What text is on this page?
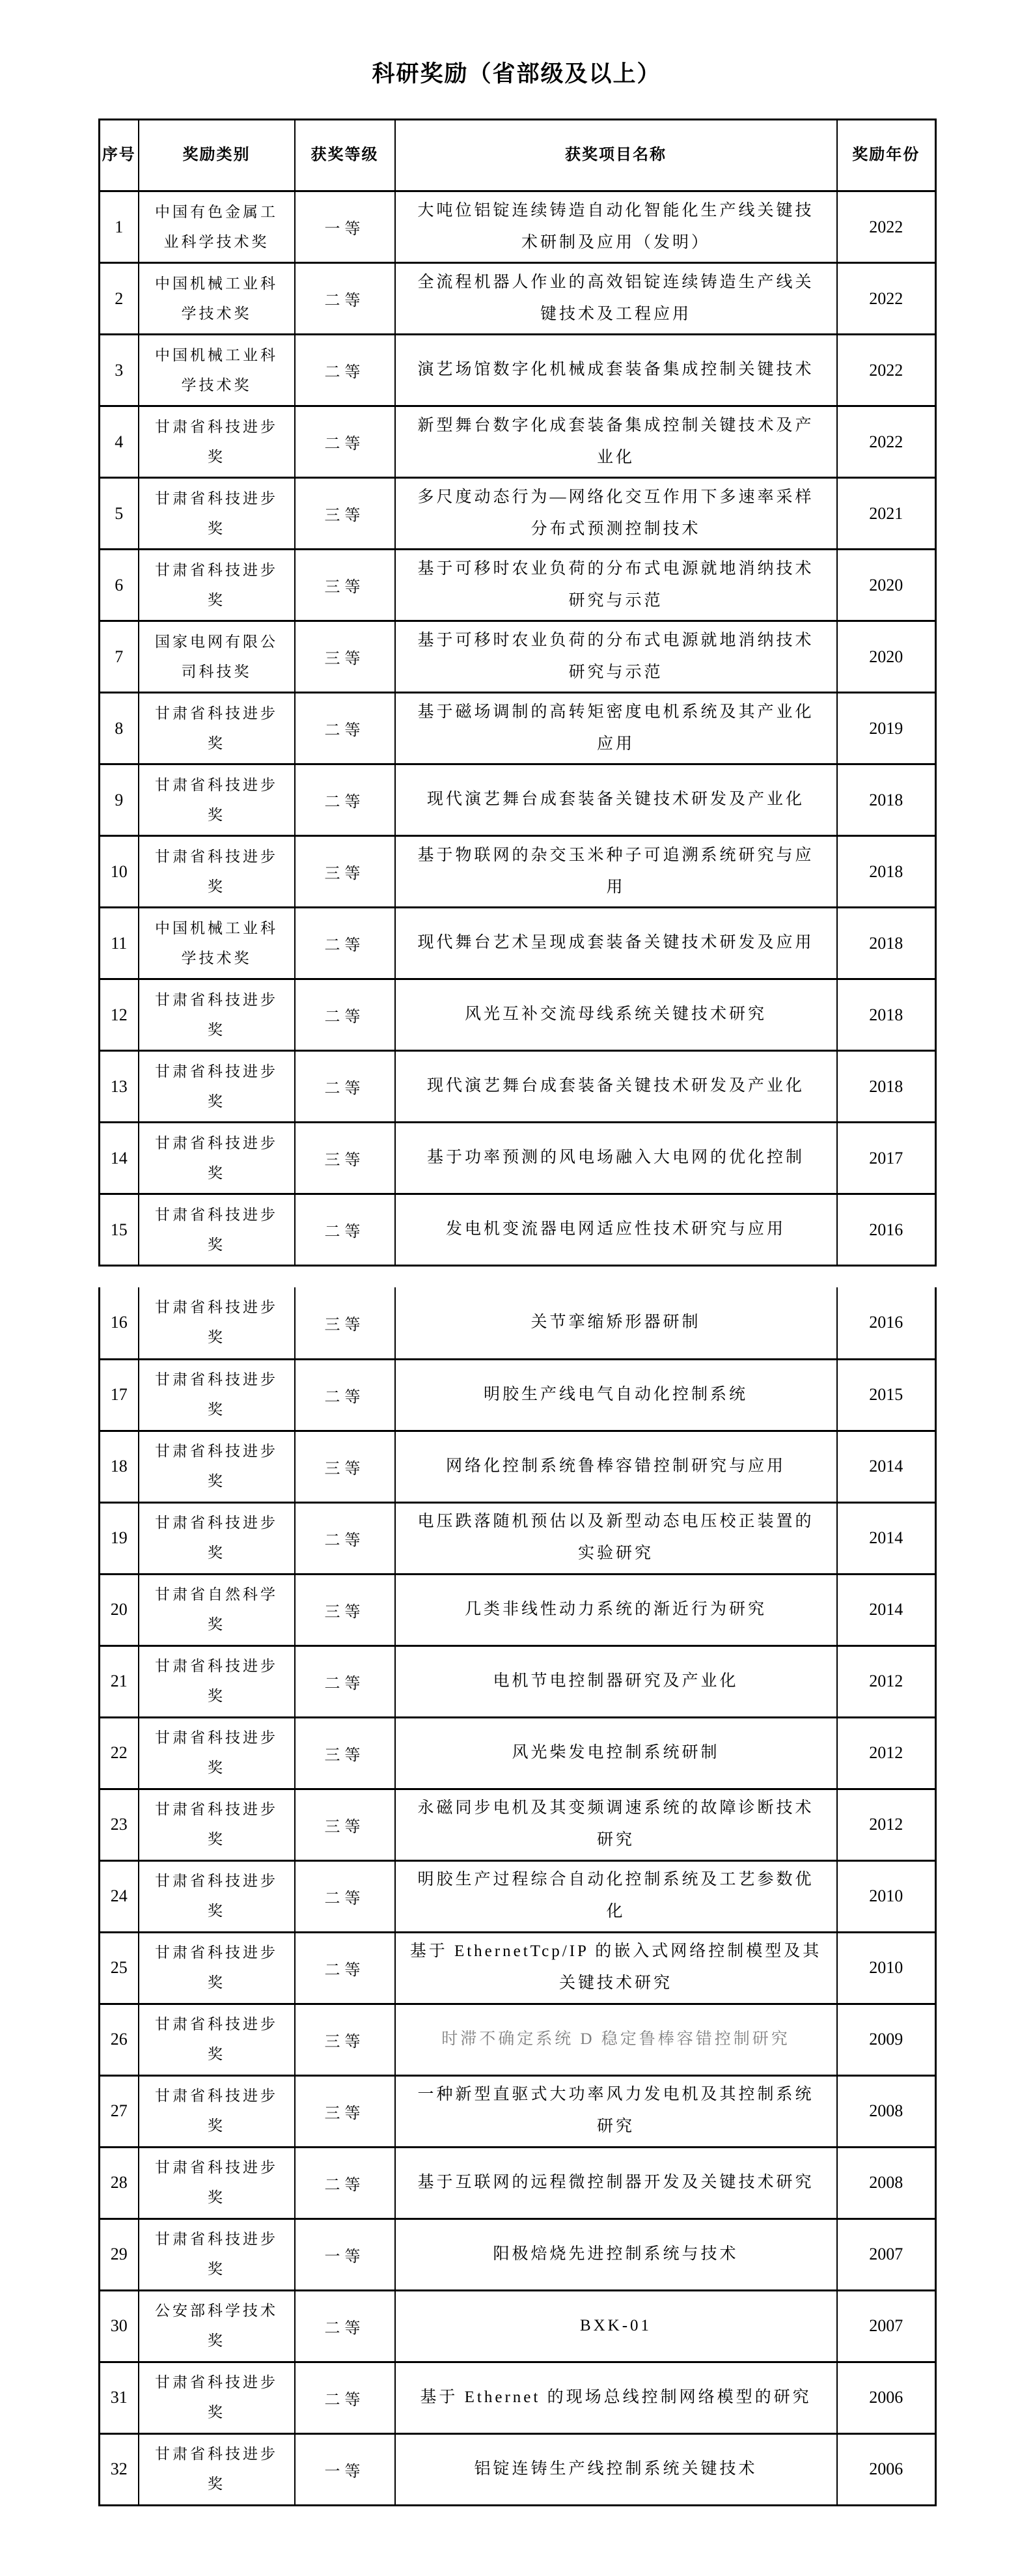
科研奖励（省部级及以上）
序号	奖励类别	获奖等级	获奖项目名称	奖励年份
1	中国有色金属工业科学技术奖	一等	大吨位铝锭连续铸造自动化智能化生产线关键技术研制及应用（发明）	2022
2	中国机械工业科学技术奖	二等	全流程机器人作业的高效铝锭连续铸造生产线关键技术及工程应用	2022
3	中国机械工业科学技术奖	二等	演艺场馆数字化机械成套装备集成控制关键技术	2022
4	甘肃省科技进步奖	二等	新型舞台数字化成套装备集成控制关键技术及产业化	2022
5	甘肃省科技进步奖	三等	多尺度动态行为—网络化交互作用下多速率采样分布式预测控制技术	2021
6	甘肃省科技进步奖	三等	基于可移时农业负荷的分布式电源就地消纳技术研究与示范	2020
7	国家电网有限公司科技奖	三等	基于可移时农业负荷的分布式电源就地消纳技术研究与示范	2020
8	甘肃省科技进步奖	二等	基于磁场调制的高转矩密度电机系统及其产业化应用	2019
9	甘肃省科技进步奖	二等	现代演艺舞台成套装备关键技术研发及产业化	2018
10	甘肃省科技进步奖	三等	基于物联网的杂交玉米种子可追溯系统研究与应用	2018
11	中国机械工业科学技术奖	二等	现代舞台艺术呈现成套装备关键技术研发及应用	2018
12	甘肃省科技进步奖	二等	风光互补交流母线系统关键技术研究	2018
13	甘肃省科技进步奖	二等	现代演艺舞台成套装备关键技术研发及产业化	2018
14	甘肃省科技进步奖	三等	基于功率预测的风电场融入大电网的优化控制	2017
15	甘肃省科技进步奖	二等	发电机变流器电网适应性技术研究与应用	2016
16	甘肃省科技进步奖	三等	关节挛缩矫形器研制	2016
17	甘肃省科技进步奖	二等	明胶生产线电气自动化控制系统	2015
18	甘肃省科技进步奖	三等	网络化控制系统鲁棒容错控制研究与应用	2014
19	甘肃省科技进步奖	二等	电压跌落随机预估以及新型动态电压校正装置的实验研究	2014
20	甘肃省自然科学奖	三等	几类非线性动力系统的渐近行为研究	2014
21	甘肃省科技进步奖	二等	电机节电控制器研究及产业化	2012
22	甘肃省科技进步奖	三等	风光柴发电控制系统研制	2012
23	甘肃省科技进步奖	三等	永磁同步电机及其变频调速系统的故障诊断技术研究	2012
24	甘肃省科技进步奖	二等	明胶生产过程综合自动化控制系统及工艺参数优化	2010
25	甘肃省科技进步奖	二等	基于 EthernetTcp/IP 的嵌入式网络控制模型及其关键技术研究	2010
26	甘肃省科技进步奖	三等	时滞不确定系统 D 稳定鲁棒容错控制研究	2009
27	甘肃省科技进步奖	三等	一种新型直驱式大功率风力发电机及其控制系统研究	2008
28	甘肃省科技进步奖	二等	基于互联网的远程微控制器开发及关键技术研究	2008
29	甘肃省科技进步奖	一等	阳极焙烧先进控制系统与技术	2007
30	公安部科学技术奖	二等	BXK-01	2007
31	甘肃省科技进步奖	二等	基于 Ethernet 的现场总线控制网络模型的研究	2006
32	甘肃省科技进步奖	一等	铝锭连铸生产线控制系统关键技术	2006
